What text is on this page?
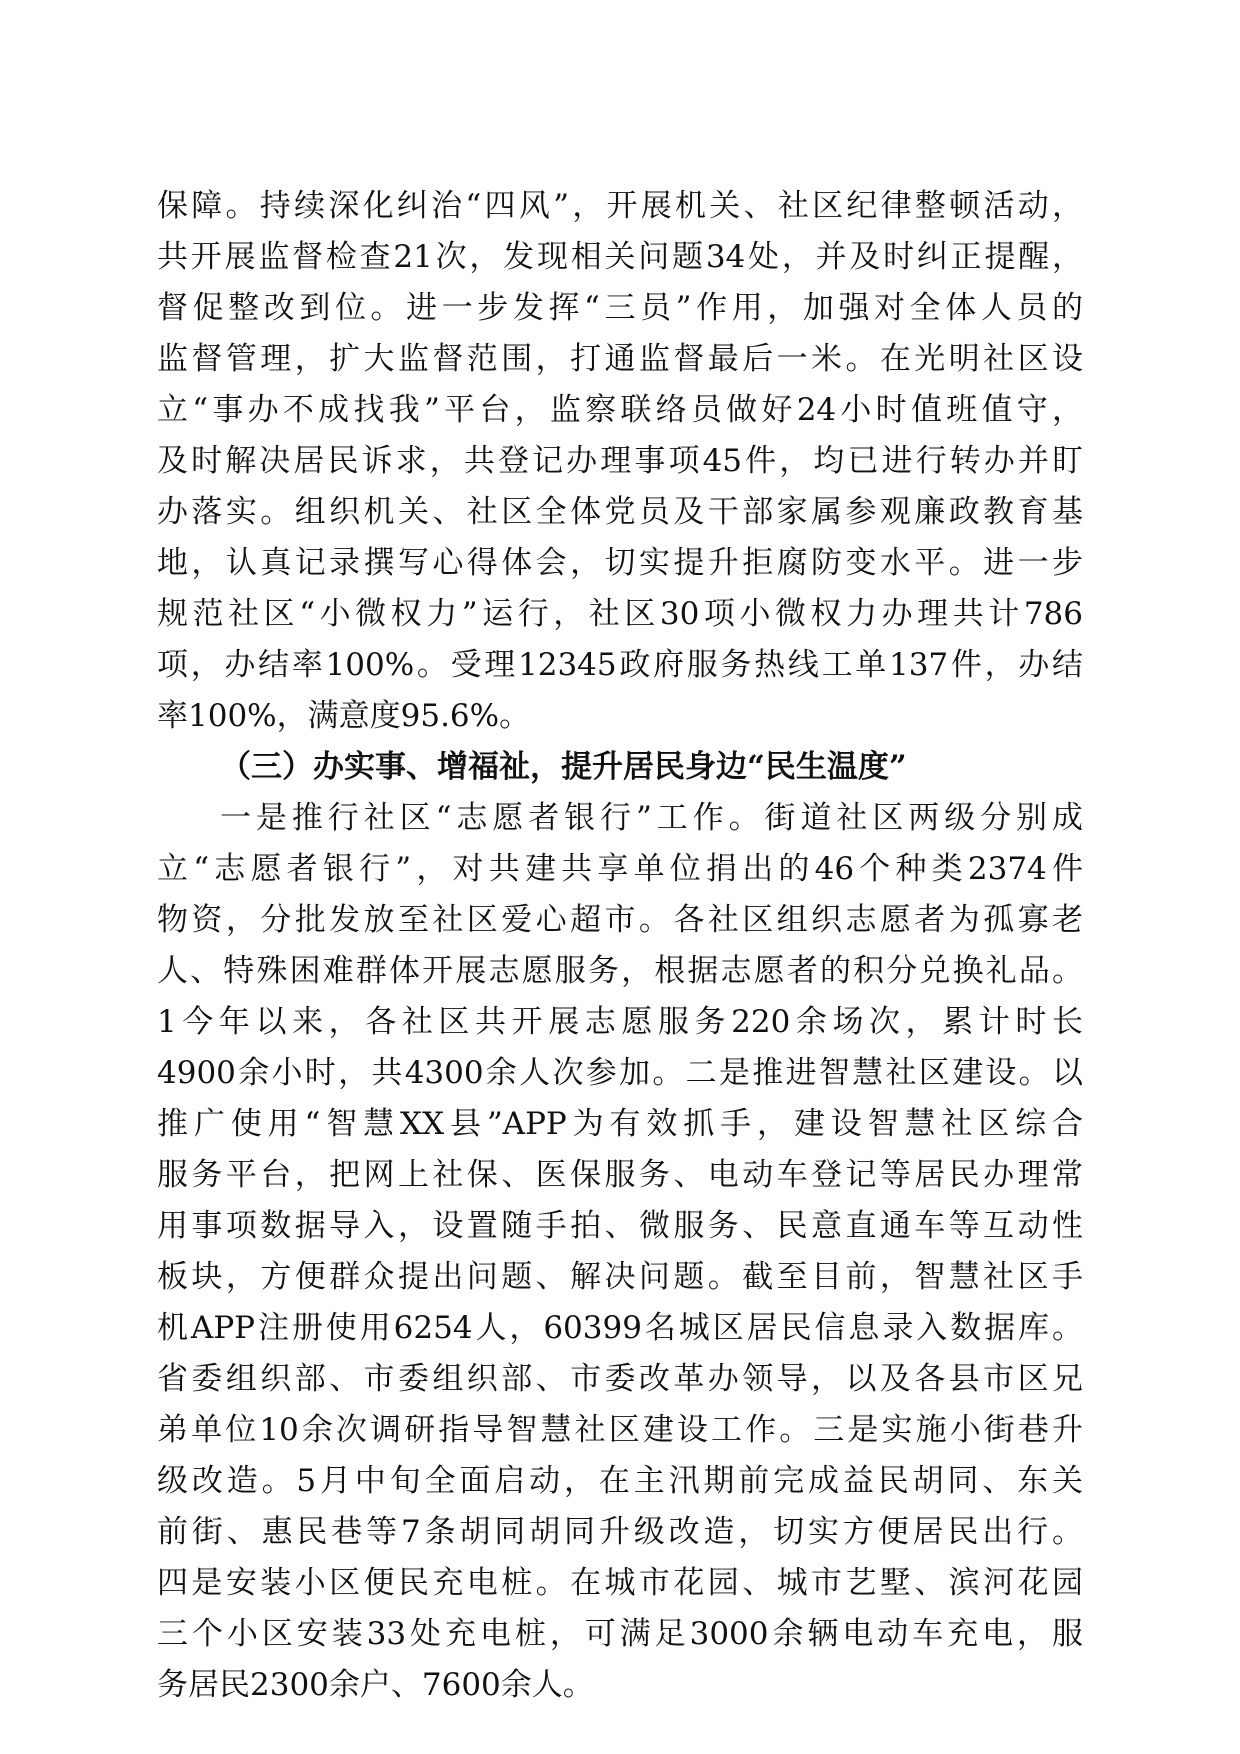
保障。持续深化纠治“四风”，开展机关、社区纪律整顿活动，
共开展监督检查21次，发现相关问题34处，并及时纠正提醒，
督促整改到位。进一步发挥“三员”作用，加强对全体人员的
监督管理，扩大监督范围，打通监督最后一米。在光明社区设
立“事办不成找我”平台，监察联络员做好24小时值班值守，
及时解决居民诉求，共登记办理事项45件，均已进行转办并盯
办落实。组织机关、社区全体党员及干部家属参观廉政教育基
地，认真记录撰写心得体会，切实提升拒腐防变水平。进一步
规范社区“小微权力”运行，社区30项小微权力办理共计786
项，办结率100%。受理12345政府服务热线工单137件，办结
率100%，满意度95.6%。
（三）办实事、增福祉，提升居民身边“民生温度”
一是推行社区“志愿者银行”工作。街道社区两级分别成
立“志愿者银行”，对共建共享单位捐出的46个种类2374件
物资，分批发放至社区爱心超市。各社区组织志愿者为孤寡老
人、特殊困难群体开展志愿服务，根据志愿者的积分兑换礼品。
1今年以来，各社区共开展志愿服务220余场次，累计时长
4900余小时，共4300余人次参加。二是推进智慧社区建设。以
推广使用“智慧XX县”APP为有效抓手，建设智慧社区综合
服务平台，把网上社保、医保服务、电动车登记等居民办理常
用事项数据导入，设置随手拍、微服务、民意直通车等互动性
板块，方便群众提出问题、解决问题。截至目前，智慧社区手
机APP注册使用6254人，60399名城区居民信息录入数据库。
省委组织部、市委组织部、市委改革办领导，以及各县市区兄
弟单位10余次调研指导智慧社区建设工作。三是实施小街巷升
级改造。5月中旬全面启动，在主汛期前完成益民胡同、东关
前街、惠民巷等7条胡同胡同升级改造，切实方便居民出行。
四是安装小区便民充电桩。在城市花园、城市艺墅、滨河花园
三个小区安装33处充电桩，可满足3000余辆电动车充电，服
务居民2300余户、7600余人。
